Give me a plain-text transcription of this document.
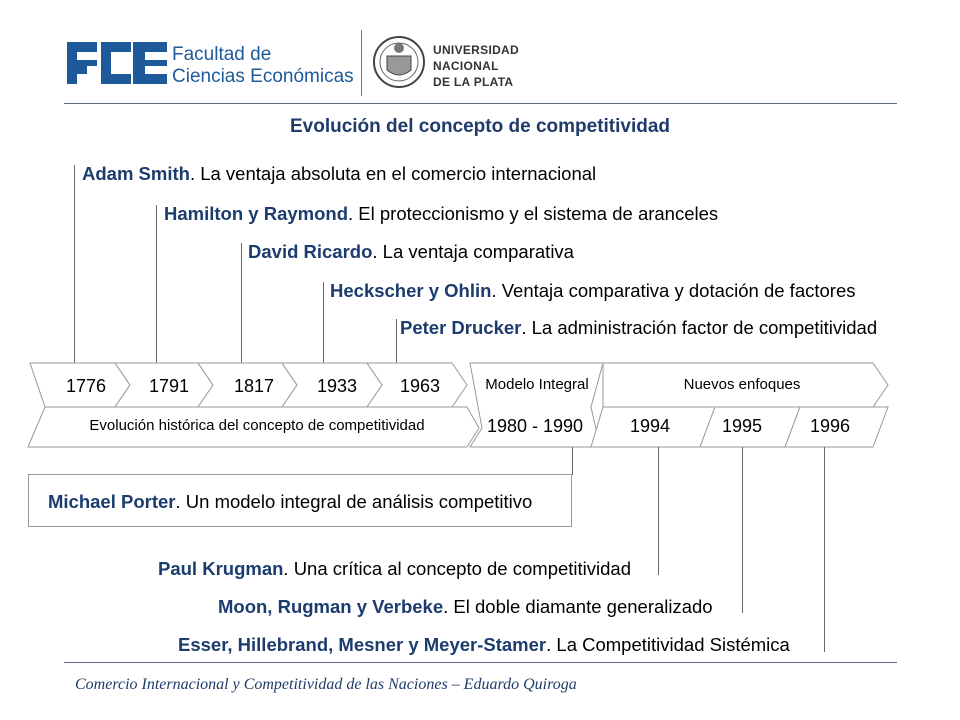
Facultad de
Ciencias Económicas
UNIVERSIDAD
NACIONAL
DE LA PLATA
Evolución del concepto de competitividad
Adam Smith. La ventaja absoluta en el comercio internacional
Hamilton y Raymond. El proteccionismo y el sistema de aranceles
David Ricardo. La ventaja comparativa
Heckscher y Ohlin. Ventaja comparativa y dotación de factores
Peter Drucker. La administración factor de competitividad
1776 1791 1817 1933 1963
1980 - 1990	1994	1995	1996
Evolución histórica del concepto de competitividad
Modelo Integral	Nuevos enfoques
Michael Porter. Un modelo integral de análisis competitivo
Paul Krugman. Una crítica al concepto de competitividad
Moon, Rugman y Verbeke. El doble diamante generalizado
Esser, Hillebrand, Mesner y Meyer-Stamer. La Competitividad Sistémica
Comercio Internacional y Competitividad de las Naciones – Eduardo Quiroga
